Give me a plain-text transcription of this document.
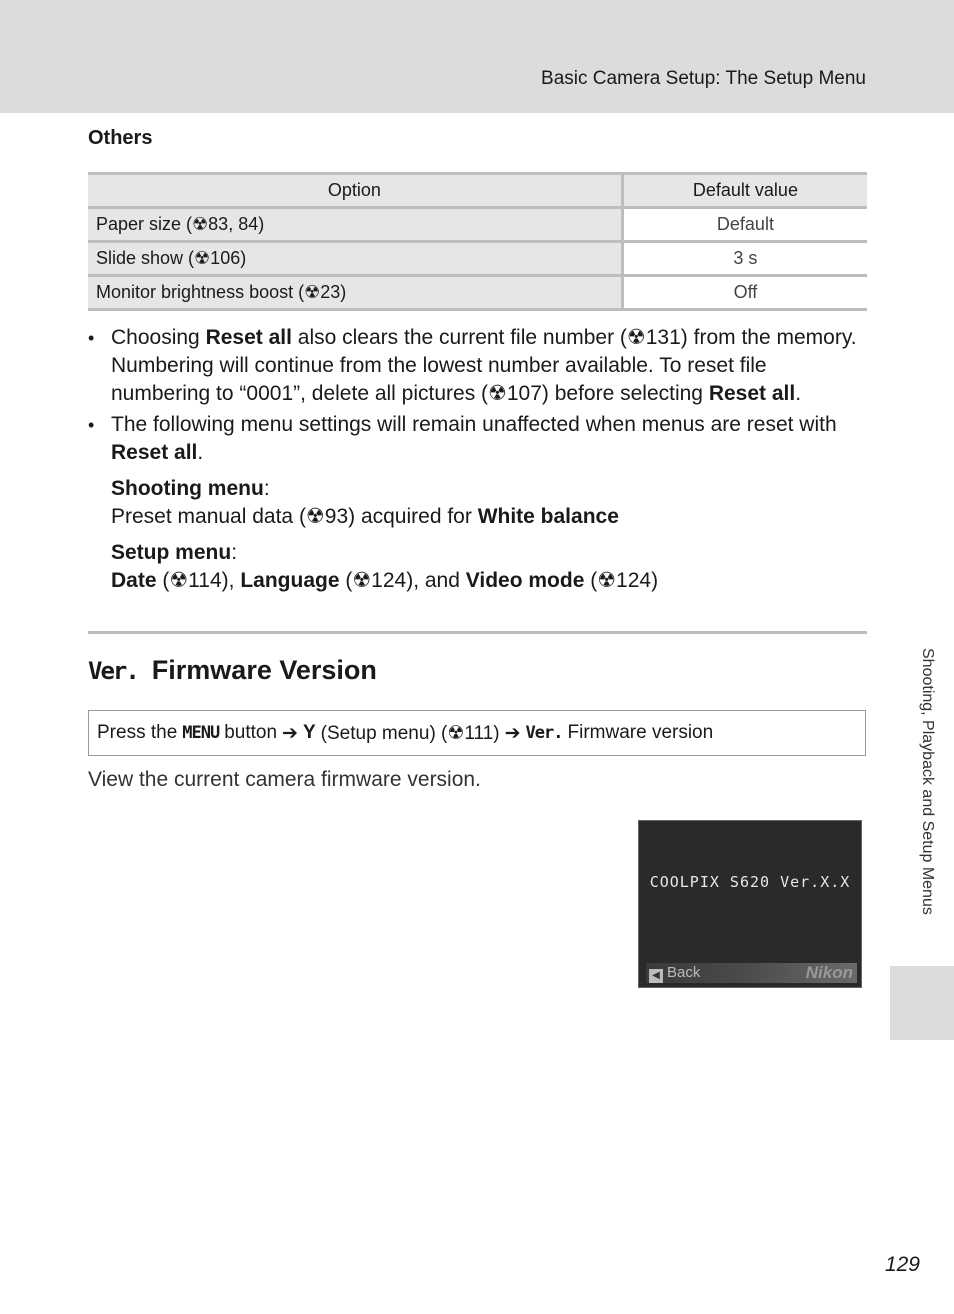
Basic Camera Setup: The Setup Menu
Others
Option	Default value
Paper size (☢83, 84)	Default
Slide show (☢106)	3 s
Monitor brightness boost (☢23)	Off
• Choosing Reset all also clears the current file number (☢131) from the memory. Numbering will continue from the lowest number available. To reset file numbering to “0001”, delete all pictures (☢107) before selecting Reset all.
• The following menu settings will remain unaffected when menus are reset with Reset all.
Shooting menu:
Preset manual data (☢93) acquired for White balance
Setup menu:
Date (☢114), Language (☢124), and Video mode (☢124)
Ver. Firmware Version
Press the MENU button ➔ Y (Setup menu) (☢111) ➔ Ver. Firmware version
View the current camera firmware version.
COOLPIX S620 Ver.X.X
◀ Back	Nikon
Shooting, Playback and Setup Menus
129
